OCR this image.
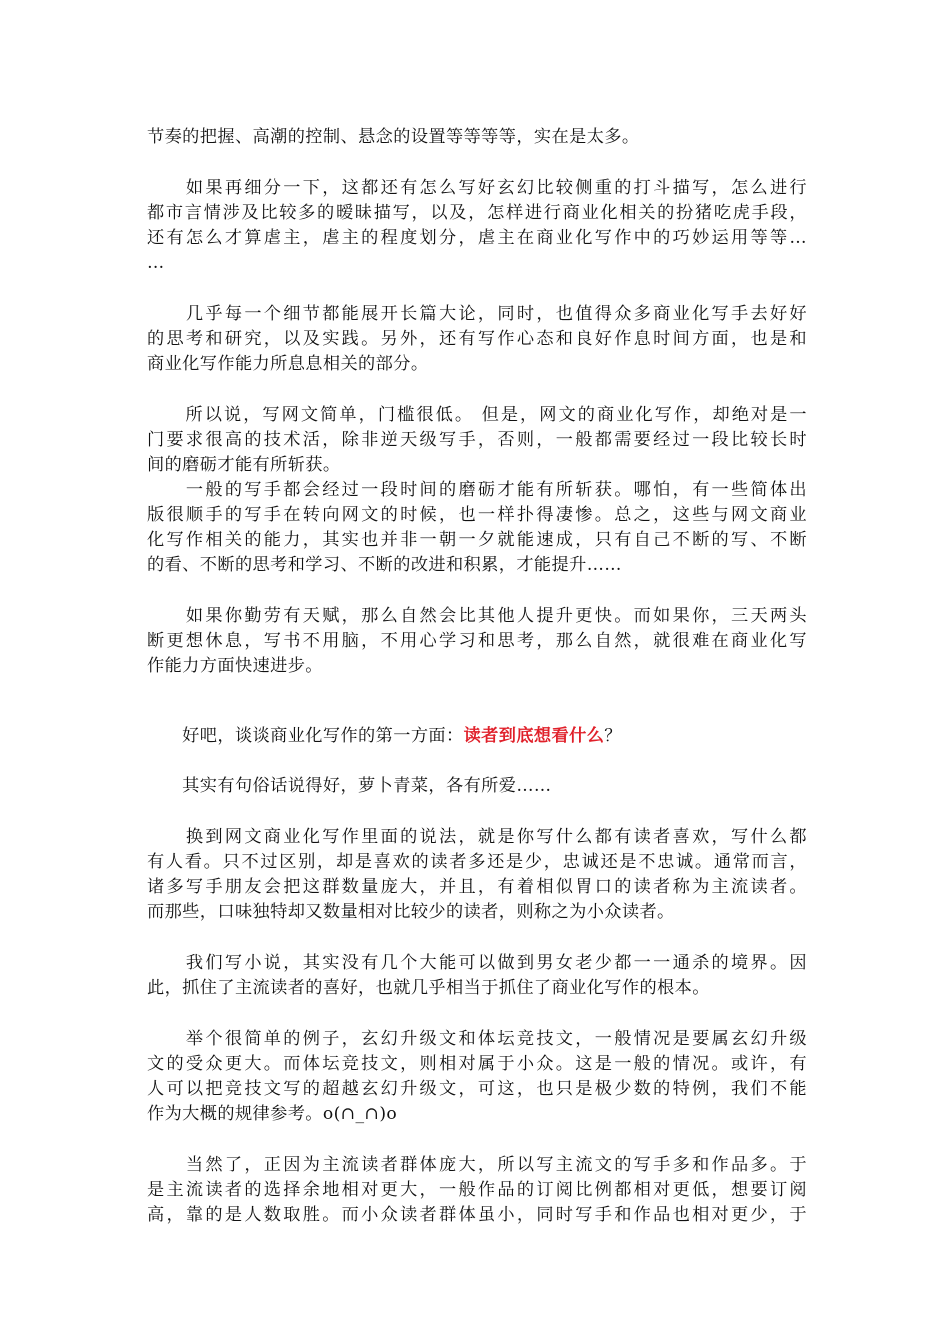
节奏的把握、高潮的控制、悬念的设置等等等等，实在是太多。
　　如果再细分一下，这都还有怎么写好玄幻比较侧重的打斗描写，怎么进行
都市言情涉及比较多的暧昧描写，以及，怎样进行商业化相关的扮猪吃虎手段，
还有怎么才算虐主，虐主的程度划分，虐主在商业化写作中的巧妙运用等等…
…
　　几乎每一个细节都能展开长篇大论，同时，也值得众多商业化写手去好好
的思考和研究，以及实践。另外，还有写作心态和良好作息时间方面，也是和
商业化写作能力所息息相关的部分。
　　所以说，写网文简单，门槛很低。 但是，网文的商业化写作，却绝对是一
门要求很高的技术活，除非逆天级写手，否则，一般都需要经过一段比较长时
间的磨砺才能有所斩获。
　　一般的写手都会经过一段时间的磨砺才能有所斩获。哪怕，有一些简体出
版很顺手的写手在转向网文的时候，也一样扑得凄惨。总之，这些与网文商业
化写作相关的能力，其实也并非一朝一夕就能速成，只有自己不断的写、不断
的看、不断的思考和学习、不断的改进和积累，才能提升……
　　如果你勤劳有天赋，那么自然会比其他人提升更快。而如果你，三天两头
断更想休息，写书不用脑，不用心学习和思考，那么自然，就很难在商业化写
作能力方面快速进步。
　　好吧，谈谈商业化写作的第一方面：读者到底想看什么？
　　其实有句俗话说得好，萝卜青菜，各有所爱……
　　换到网文商业化写作里面的说法，就是你写什么都有读者喜欢，写什么都
有人看。只不过区别，却是喜欢的读者多还是少，忠诚还是不忠诚。通常而言，
诸多写手朋友会把这群数量庞大，并且，有着相似胃口的读者称为主流读者。
而那些，口味独特却又数量相对比较少的读者，则称之为小众读者。
　　我们写小说，其实没有几个大能可以做到男女老少都一一通杀的境界。因
此，抓住了主流读者的喜好，也就几乎相当于抓住了商业化写作的根本。
　　举个很简单的例子，玄幻升级文和体坛竞技文，一般情况是要属玄幻升级
文的受众更大。而体坛竞技文，则相对属于小众。这是一般的情况。或许，有
人可以把竞技文写的超越玄幻升级文，可这，也只是极少数的特例，我们不能
作为大概的规律参考。o(∩_∩)o
　　当然了，正因为主流读者群体庞大，所以写主流文的写手多和作品多。于
是主流读者的选择余地相对更大，一般作品的订阅比例都相对更低，想要订阅
高，靠的是人数取胜。而小众读者群体虽小，同时写手和作品也相对更少，于
